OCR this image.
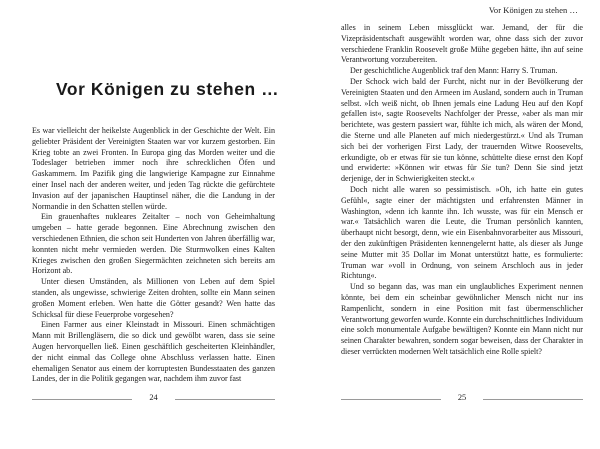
Vor Königen zu stehen …

Es war vielleicht der heikelste Augenblick in der Geschichte der Welt. Ein geliebter Präsident der Vereinigten Staaten war vor kurzem gestorben. Ein Krieg tobte an zwei Fronten. In Europa ging das Morden weiter und die Todeslager betrieben immer noch ihre schrecklichen Öfen und Gaskammern. Im Pazifik ging die langwierige Kampagne zur Einnahme einer Insel nach der anderen weiter, und jeden Tag rückte die gefürchtete Invasion auf der japanischen Hauptinsel näher, die die Landung in der Normandie in den Schatten stellen würde.

Ein grauenhaftes nukleares Zeitalter – noch von Geheimhaltung umgeben – hatte gerade begonnen. Eine Abrechnung zwischen den verschiedenen Ethnien, die schon seit Hunderten von Jahren überfällig war, konnten nicht mehr vermieden werden. Die Sturmwolken eines Kalten Krieges zwischen den großen Siegermächten zeichneten sich bereits am Horizont ab.

Unter diesen Umständen, als Millionen von Leben auf dem Spiel standen, als ungewisse, schwierige Zeiten drohten, sollte ein Mann seinen großen Moment erleben. Wen hatte die Götter gesandt? Wen hatte das Schicksal für diese Feuerprobe vorgesehen?

Einen Farmer aus einer Kleinstadt in Missouri. Einen schmächtigen Mann mit Brillengläsern, die so dick und gewölbt waren, dass sie seine Augen hervorquellen ließ. Einen geschäftlich gescheiterten Kleinhändler, der nicht einmal das College ohne Abschluss verlassen hatte. Einen ehemaligen Senator aus einem der korruptesten Bundesstaaten des ganzen Landes, der in die Politik gegangen war, nachdem ihm zuvor fast

24
Vor Königen zu stehen …

alles in seinem Leben missglückt war. Jemand, der für die Vizepräsidentschaft ausgewählt worden war, ohne dass sich der zuvor verschiedene Franklin Roosevelt große Mühe gegeben hätte, ihn auf seine Verantwortung vorzubereiten.

Der geschichtliche Augenblick traf den Mann: Harry S. Truman.

Der Schock wich bald der Furcht, nicht nur in der Bevölkerung der Vereinigten Staaten und den Armeen im Ausland, sondern auch in Truman selbst. »Ich weiß nicht, ob Ihnen jemals eine Ladung Heu auf den Kopf gefallen ist«, sagte Roosevelts Nachfolger der Presse, »aber als man mir berichtete, was gestern passiert war, fühlte ich mich, als wären der Mond, die Sterne und alle Planeten auf mich niedergestürzt.« Und als Truman sich bei der vorherigen First Lady, der trauernden Witwe Roosevelts, erkundigte, ob er etwas für sie tun könne, schüttelte diese ernst den Kopf und erwiderte: »Können wir etwas für Sie tun? Denn Sie sind jetzt derjenige, der in Schwierigkeiten steckt.«

Doch nicht alle waren so pessimistisch. »Oh, ich hatte ein gutes Gefühl«, sagte einer der mächtigsten und erfahrensten Männer in Washington, »denn ich kannte ihn. Ich wusste, was für ein Mensch er war.« Tatsächlich waren die Leute, die Truman persönlich kannten, überhaupt nicht besorgt, denn, wie ein Eisenbahnvorarbeiter aus Missouri, der den zukünftigen Präsidenten kennengelernt hatte, als dieser als Junge seine Mutter mit 35 Dollar im Monat unterstützt hatte, es formulierte: Truman war »voll in Ordnung, von seinem Arschloch aus in jeder Richtung«.

Und so begann das, was man ein unglaubliches Experiment nennen könnte, bei dem ein scheinbar gewöhnlicher Mensch nicht nur ins Rampenlicht, sondern in eine Position mit fast übermenschlicher Verantwortung geworfen wurde. Konnte ein durchschnittliches Individuum eine solch monumentale Aufgabe bewältigen? Konnte ein Mann nicht nur seinen Charakter bewahren, sondern sogar beweisen, dass der Charakter in dieser verrückten modernen Welt tatsächlich eine Rolle spielt?

25
